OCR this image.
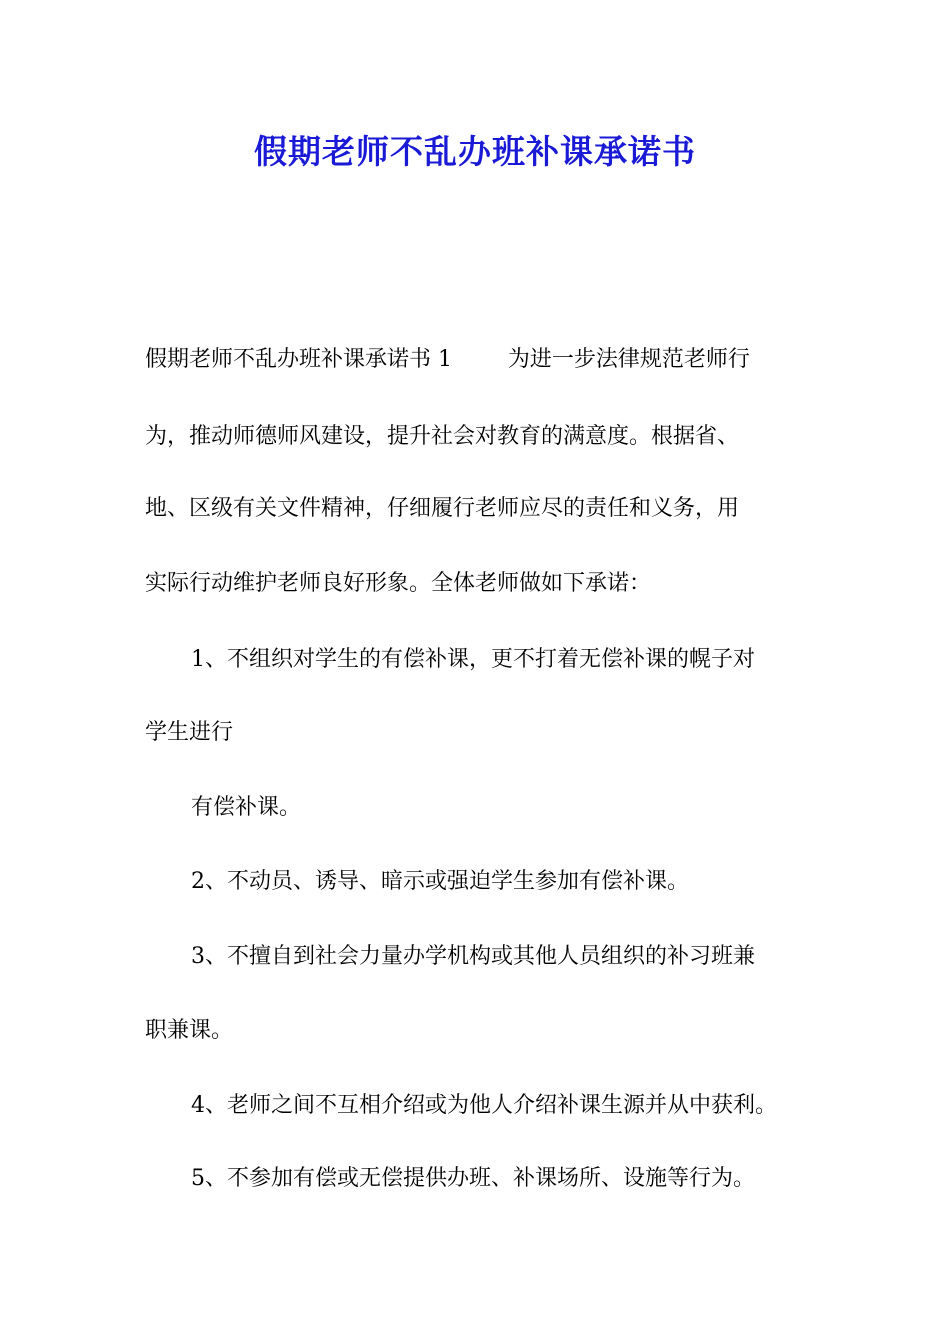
假期老师不乱办班补课承诺书
假期老师不乱办班补课承诺书 1        为进一步法律规范老师行
为，推动师德师风建设，提升社会对教育的满意度。根据省、
地、区级有关文件精神，仔细履行老师应尽的责任和义务，用
实际行动维护老师良好形象。全体老师做如下承诺：
1、不组织对学生的有偿补课，更不打着无偿补课的幌子对
学生进行
有偿补课。
2、不动员、诱导、暗示或强迫学生参加有偿补课。
3、不擅自到社会力量办学机构或其他人员组织的补习班兼
职兼课。
4、老师之间不互相介绍或为他人介绍补课生源并从中获利。
5、不参加有偿或无偿提供办班、补课场所、设施等行为。
